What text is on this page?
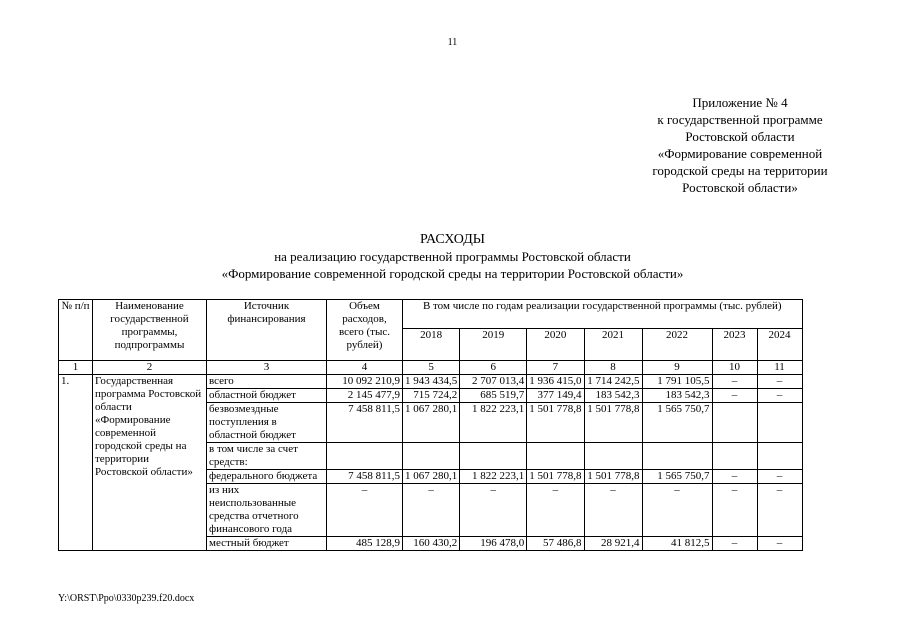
11
Приложение № 4
к государственной программе
Ростовской области
«Формирование современной
городской среды на территории
Ростовской области»
РАСХОДЫ
на реализацию государственной программы Ростовской области
«Формирование современной городской среды на территории Ростовской области»
№ п/п	Наименование государственной программы, подпрограммы	Источник финансирования	Объем расходов, всего (тыс. рублей)	В том числе по годам реализации государственной программы (тыс. рублей)						
				2018	2019	2020	2021	2022	2023	2024
1	2	3	4	5	6	7	8	9	10	11
1.	Государственная программа Ростовской области «Формирование современной городской среды на территории Ростовской области»	всего	10 092 210,9	1 943 434,5	2 707 013,4	1 936 415,0	1 714 242,5	1 791 105,5	–	–
		областной бюджет	2 145 477,9	715 724,2	685 519,7	377 149,4	183 542,3	183 542,3	–	–
		безвозмездные поступления в областной бюджет	7 458 811,5	1 067 280,1	1 822 223,1	1 501 778,8	1 501 778,8	1 565 750,7		
		в том числе за счет средств:								
		федерального бюджета	7 458 811,5	1 067 280,1	1 822 223,1	1 501 778,8	1 501 778,8	1 565 750,7	–	–
		из них неиспользованные средства отчетного финансового года	–	–	–	–	–	–	–	–
		местный бюджет	485 128,9	160 430,2	196 478,0	57 486,8	28 921,4	41 812,5	–	–
Y:\ORST\Ppo\0330p239.f20.docx
